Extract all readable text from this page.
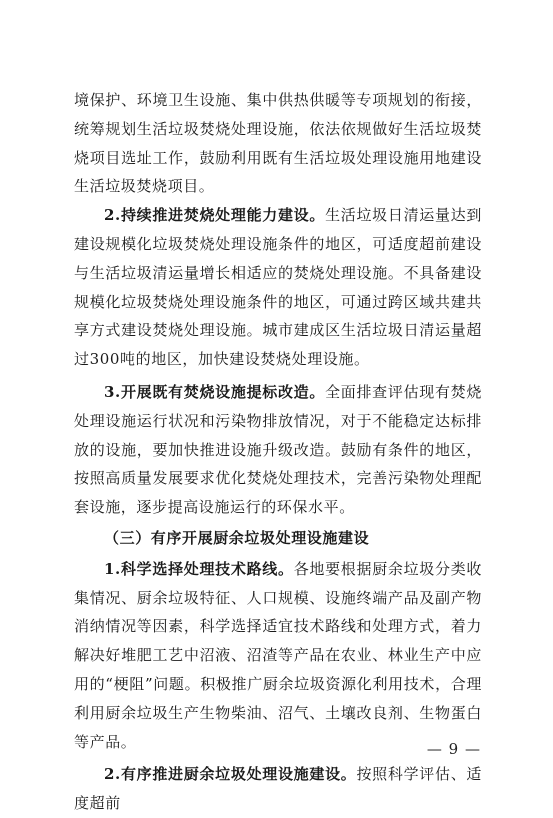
境保护、环境卫生设施、集中供热供暖等专项规划的衔接，统筹规划生活垃圾焚烧处理设施，依法依规做好生活垃圾焚烧项目选址工作，鼓励利用既有生活垃圾处理设施用地建设生活垃圾焚烧项目。

2.持续推进焚烧处理能力建设。生活垃圾日清运量达到建设规模化垃圾焚烧处理设施条件的地区，可适度超前建设与生活垃圾清运量增长相适应的焚烧处理设施。不具备建设规模化垃圾焚烧处理设施条件的地区，可通过跨区域共建共享方式建设焚烧处理设施。城市建成区生活垃圾日清运量超过300吨的地区，加快建设焚烧处理设施。

3.开展既有焚烧设施提标改造。全面排查评估现有焚烧处理设施运行状况和污染物排放情况，对于不能稳定达标排放的设施，要加快推进设施升级改造。鼓励有条件的地区，按照高质量发展要求优化焚烧处理技术，完善污染物处理配套设施，逐步提高设施运行的环保水平。

（三）有序开展厨余垃圾处理设施建设

1.科学选择处理技术路线。各地要根据厨余垃圾分类收集情况、厨余垃圾特征、人口规模、设施终端产品及副产物消纳情况等因素，科学选择适宜技术路线和处理方式，着力解决好堆肥工艺中沼液、沼渣等产品在农业、林业生产中应用的“梗阻”问题。积极推广厨余垃圾资源化利用技术，合理利用厨余垃圾生产生物柴油、沼气、土壤改良剂、生物蛋白等产品。

2.有序推进厨余垃圾处理设施建设。按照科学评估、适度超前

— 9 —
